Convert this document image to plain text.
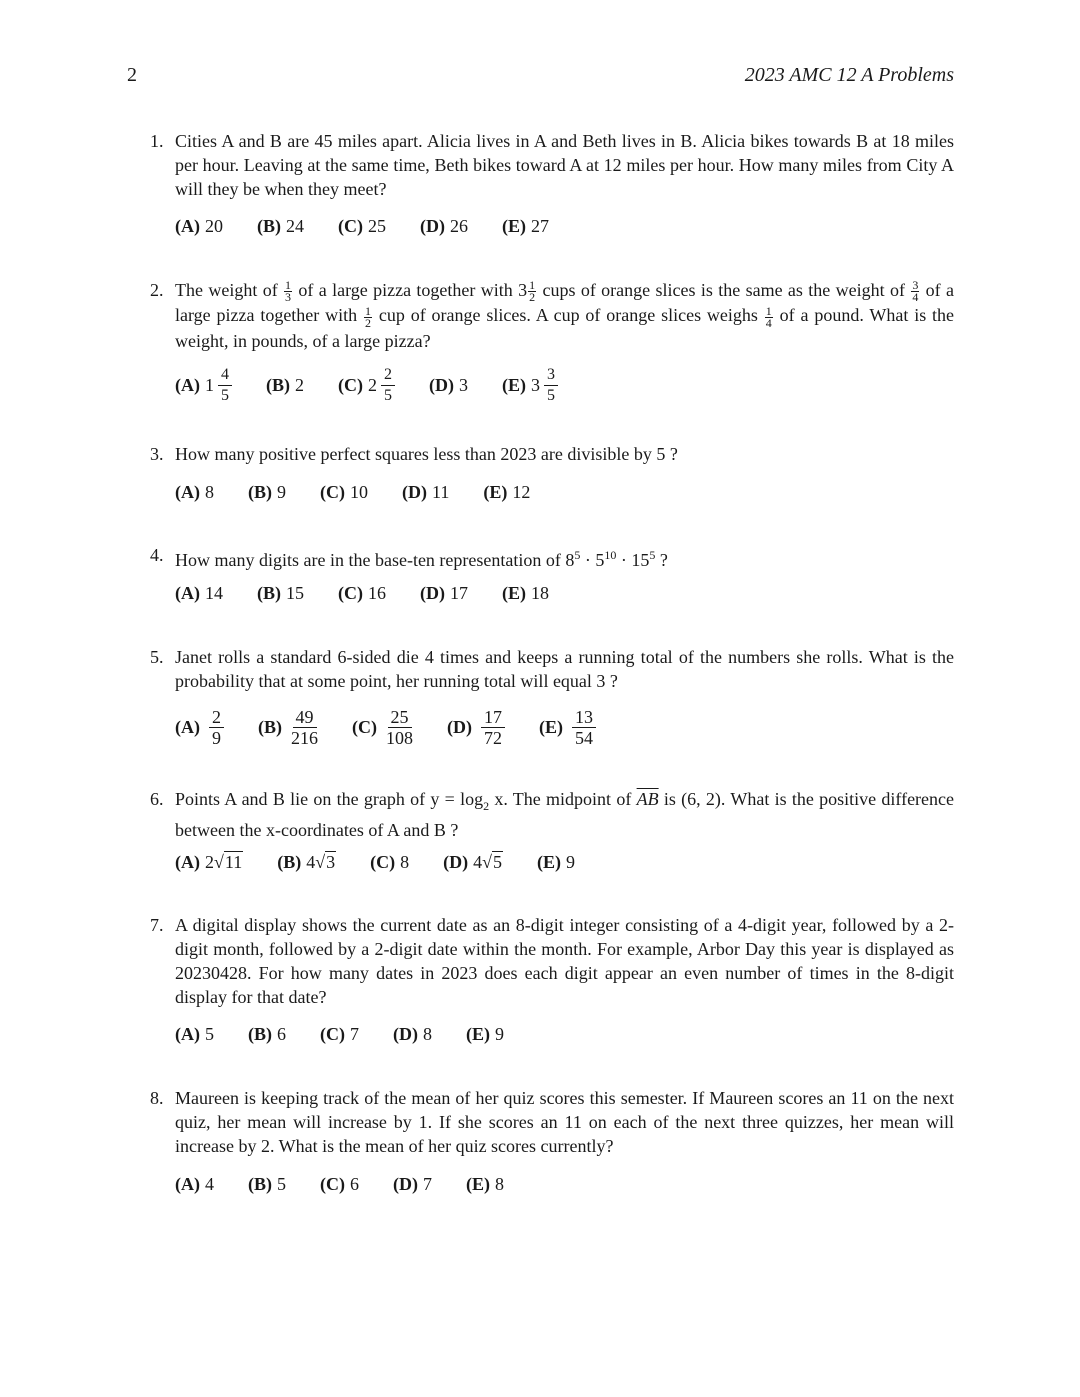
2	2023 AMC 12 A Problems
1. Cities A and B are 45 miles apart. Alicia lives in A and Beth lives in B. Alicia bikes towards B at 18 miles per hour. Leaving at the same time, Beth bikes toward A at 12 miles per hour. How many miles from City A will they be when they meet?
(A) 20 (B) 24 (C) 25 (D) 26 (E) 27
2. The weight of $\frac{1}{3}$ of a large pizza together with $3 \frac{1}{2}$ cups of orange slices is the same as the weight of $\frac{3}{4}$ of a large pizza together with $\frac{1}{2}$ cup of orange slices. A cup of orange slices weighs $\frac{1}{4}$ of a pound. What is the weight, in pounds, of a large pizza?
(A) $1 \frac{4}{5} (B)$ 2 (C) $2 \frac{2}{5} (D)$ 3 (E) $3 \frac{3}{5}$
3. How many positive perfect squares less than 2023 are divisible by 5 ?
(A) 8 (B) 9 (C) 10 (D) 11 (E) 12
4. How many digits are in the base-ten representation of $8^5 \cdot 5^{10} \cdot 15^5$ ?
(A) 14 (B) 15 (C) 16 (D) 17 (E) 18
5. Janet rolls a standard 6-sided die 4 times and keeps a running total of the numbers she rolls. What is the probability that at some point, her running total will equal 3 ?
$(A) \frac{2}{9} (B) \frac{49}{216} (C) \frac{25}{108} (D) \frac{17}{72} (E) \frac{13}{54}$
6. Points A and B lie on the graph of $y = \log_2 x$. The midpoint of $\overline{AB}$ is (6, 2). What is the positive difference between the x-coordinates of A and B ?
(A) 2 √ 11 (B) 4 √ 3 (C) 8 (D) 4 √ 5 (E) 9
7. A digital display shows the current date as an 8-digit integer consisting of a 4-digit year, followed by a 2-digit month, followed by a 2-digit date within the month. For example, Arbor Day this year is displayed as 20230428. For how many dates in 2023 does each digit appear an even number of times in the 8-digit display for that date?
(A) 5 (B) 6 (C) 7 (D) 8 (E) 9
8. Maureen is keeping track of the mean of her quiz scores this semester. If Maureen scores an 11 on the next quiz, her mean will increase by 1. If she scores an 11 on each of the next three quizzes, her mean will increase by 2. What is the mean of her quiz scores currently?
(A) 4 (B) 5 (C) 6 (D) 7 (E) 8
